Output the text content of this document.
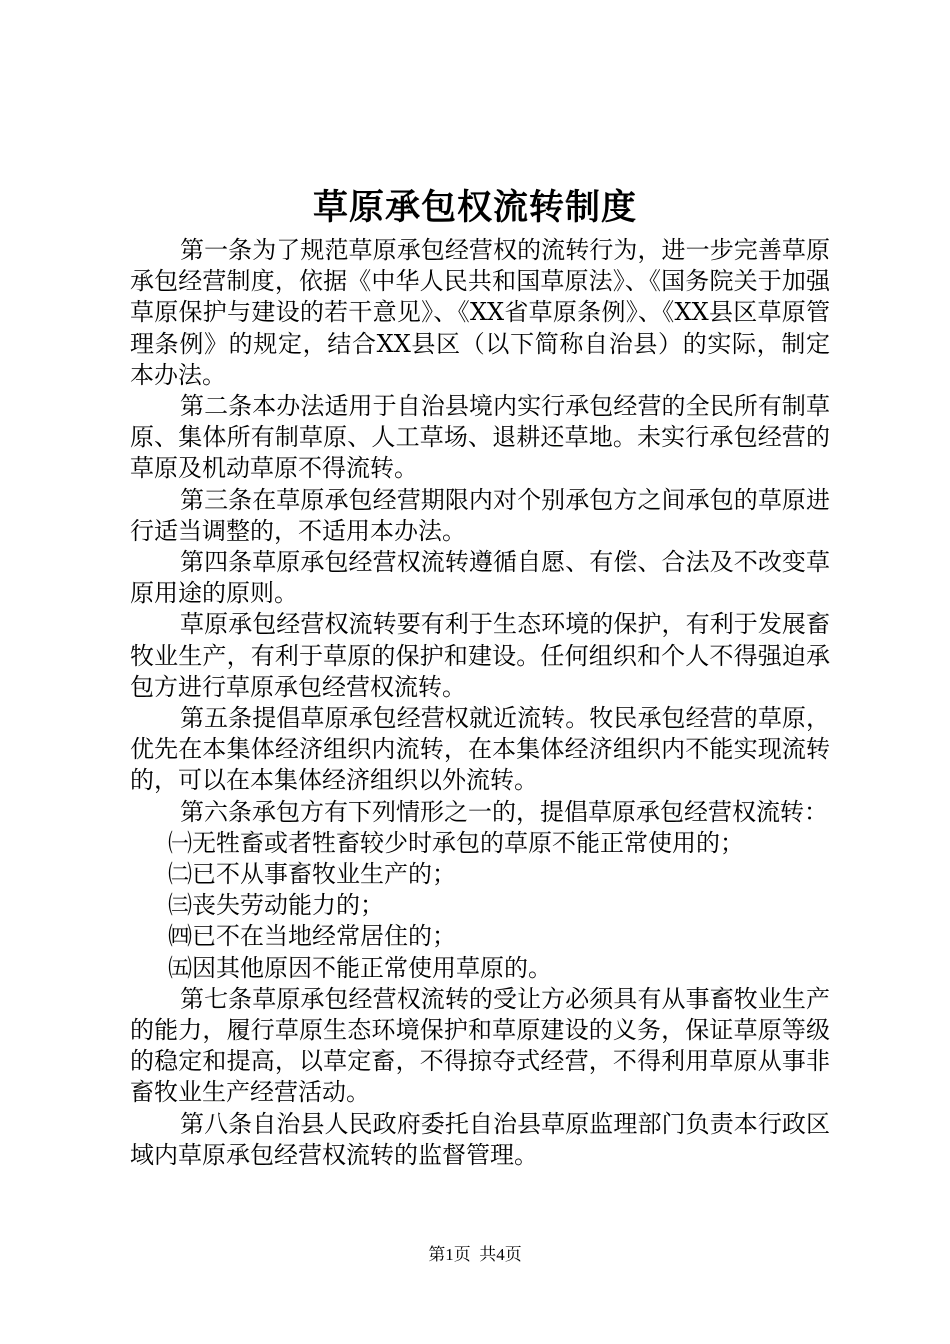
草原承包权流转制度

第一条为了规范草原承包经营权的流转行为，进一步完善草原承包经营制度，依据《中华人民共和国草原法》、《国务院关于加强草原保护与建设的若干意见》、《XX省草原条例》、《XX县区草原管理条例》的规定，结合XX县区（以下简称自治县）的实际，制定本办法。

第二条本办法适用于自治县境内实行承包经营的全民所有制草原、集体所有制草原、人工草场、退耕还草地。未实行承包经营的草原及机动草原不得流转。

第三条在草原承包经营期限内对个别承包方之间承包的草原进行适当调整的，不适用本办法。

第四条草原承包经营权流转遵循自愿、有偿、合法及不改变草原用途的原则。

草原承包经营权流转要有利于生态环境的保护，有利于发展畜牧业生产，有利于草原的保护和建设。任何组织和个人不得强迫承包方进行草原承包经营权流转。

第五条提倡草原承包经营权就近流转。牧民承包经营的草原，优先在本集体经济组织内流转，在本集体经济组织内不能实现流转的，可以在本集体经济组织以外流转。

第六条承包方有下列情形之一的，提倡草原承包经营权流转：

㈠无牲畜或者牲畜较少时承包的草原不能正常使用的；

㈡已不从事畜牧业生产的；

㈢丧失劳动能力的；

㈣已不在当地经常居住的；

㈤因其他原因不能正常使用草原的。

第七条草原承包经营权流转的受让方必须具有从事畜牧业生产的能力，履行草原生态环境保护和草原建设的义务，保证草原等级的稳定和提高，以草定畜，不得掠夺式经营，不得利用草原从事非畜牧业生产经营活动。

第八条自治县人民政府委托自治县草原监理部门负责本行政区域内草原承包经营权流转的监督管理。

第1页 共4页
